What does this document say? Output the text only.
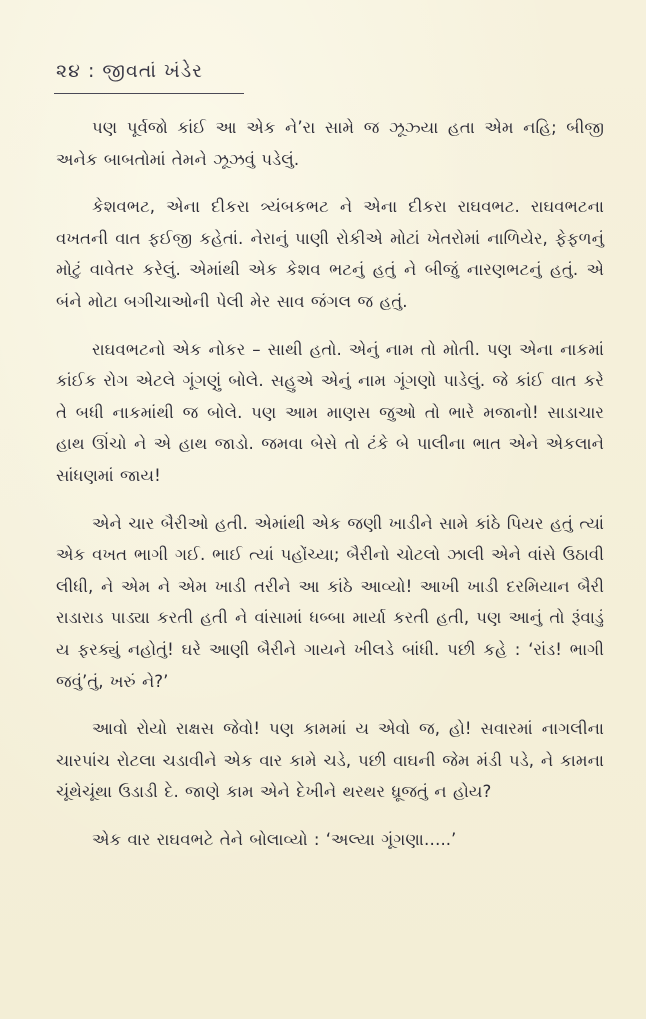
૨૪ : જીવતાં ખંડેર

પણ પૂર્વજો કાંઈ આ એક ને’રા સામે જ ઝૂઝ્યા હતા એમ નહિ; બીજી અનેક બાબતોમાં તેમને ઝૂઝવું પડેલું.

કેશવભટ, એના દીકરા ત્ર્યંબકભટ ને એના દીકરા રાઘવભટ. રાઘવભટના વખતની વાત ફઈજી કહેતાં. નેરાનું પાણી રોકીએ મોટાં ખેતરોમાં નાળિયેર, ફેફળનું મોટું વાવેતર કરેલું. એમાંથી એક કેશવ ભટનું હતું ને બીજું નારણભટનું હતું. એ બંને મોટા બગીચાઓની પેલી મેર સાવ જંગલ જ હતું.

રાઘવભટનો એક નોકર – સાથી હતો. એનું નામ તો મોતી. પણ એના નાકમાં કાંઈક રોગ એટલે ગૂંગણું બોલે. સહુએ એનું નામ ગૂંગણો પાડેલું. જે કાંઈ વાત કરે તે બધી નાકમાંથી જ બોલે. પણ આમ માણસ જુઓ તો ભારે મજાનો! સાડાચાર હાથ ઊંચો ને એ હાથ જાડો. જમવા બેસે તો ટંકે બે પાલીના ભાત એને એકલાને સાંધણમાં જાય!

એને ચાર બૈરીઓ હતી. એમાંથી એક જણી ખાડીને સામે કાંઠે પિયર હતું ત્યાં એક વખત ભાગી ગઈ. ભાઈ ત્યાં પહોંચ્યા; બૈરીનો ચોટલો ઝાલી એને વાંસે ઉઠાવી લીધી, ને એમ ને એમ ખાડી તરીને આ કાંઠે આવ્યો! આખી ખાડી દરમિયાન બૈરી રાડારાડ પાડ્યા કરતી હતી ને વાંસામાં ધબ્બા માર્યા કરતી હતી, પણ આનું તો રૂંવાડું ય ફરક્યું નહોતું! ઘરે આણી બૈરીને ગાયને ખીલડે બાંધી. પછી કહે : ‘રાંડ! ભાગી જવું’તું, ખરું ને?’

આવો રોયો રાક્ષસ જેવો! પણ કામમાં ય એવો જ, હો! સવારમાં નાગલીના ચારપાંચ રોટલા ચડાવીને એક વાર કામે ચડે, પછી વાઘની જેમ મંડી પડે, ને કામના ચૂંથેચૂંથા ઉડાડી દે. જાણે કામ એને દેખીને થરથર ધ્રૂજતું ન હોય?

એક વાર રાઘવભટે તેને બોલાવ્યો : ‘અલ્યા ગૂંગણા…..’
